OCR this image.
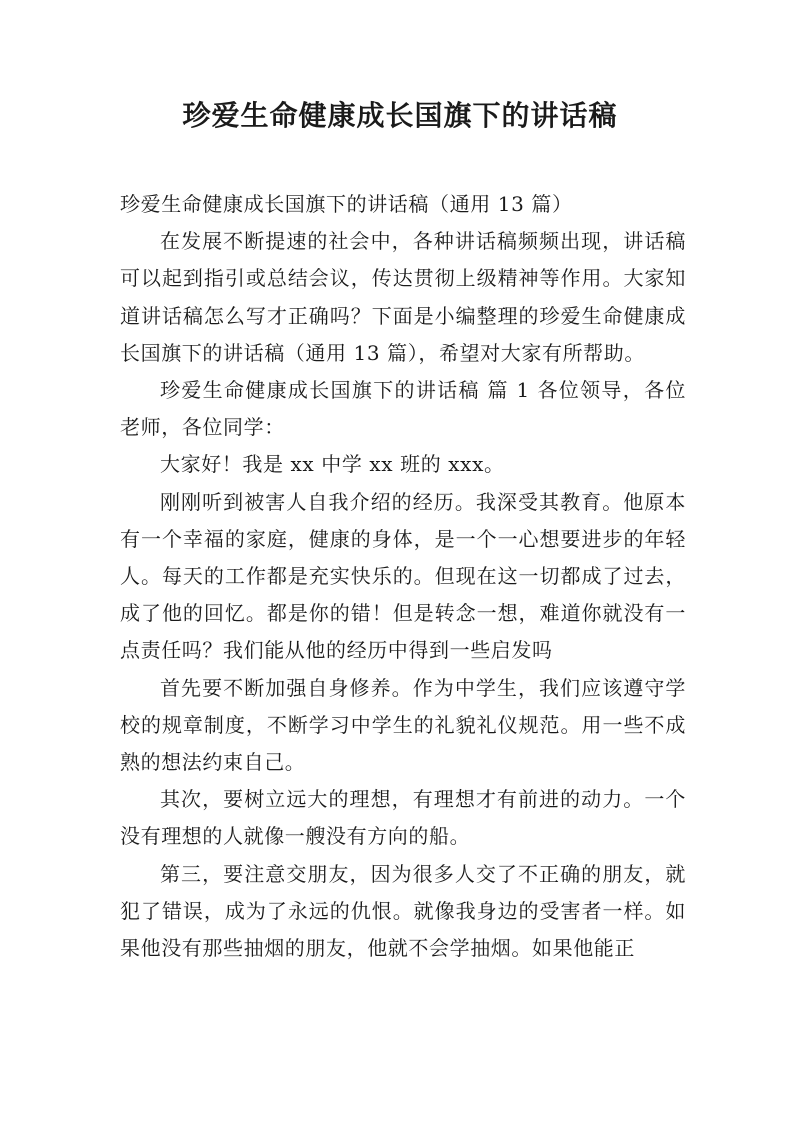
珍爱生命健康成长国旗下的讲话稿

珍爱生命健康成长国旗下的讲话稿（通用 13 篇）

在发展不断提速的社会中，各种讲话稿频频出现，讲话稿可以起到指引或总结会议，传达贯彻上级精神等作用。大家知道讲话稿怎么写才正确吗？下面是小编整理的珍爱生命健康成长国旗下的讲话稿（通用 13 篇），希望对大家有所帮助。

珍爱生命健康成长国旗下的讲话稿 篇 1 各位领导，各位老师，各位同学：

大家好！我是 xx 中学 xx 班的 xxx。

刚刚听到被害人自我介绍的经历。我深受其教育。他原本有一个幸福的家庭，健康的身体，是一个一心想要进步的年轻人。每天的工作都是充实快乐的。但现在这一切都成了过去，成了他的回忆。都是你的错！但是转念一想，难道你就没有一点责任吗？我们能从他的经历中得到一些启发吗

首先要不断加强自身修养。作为中学生，我们应该遵守学校的规章制度，不断学习中学生的礼貌礼仪规范。用一些不成熟的想法约束自己。

其次，要树立远大的理想，有理想才有前进的动力。一个没有理想的人就像一艘没有方向的船。

第三，要注意交朋友，因为很多人交了不正确的朋友，就犯了错误，成为了永远的仇恨。就像我身边的受害者一样。如果他没有那些抽烟的朋友，他就不会学抽烟。如果他能正
